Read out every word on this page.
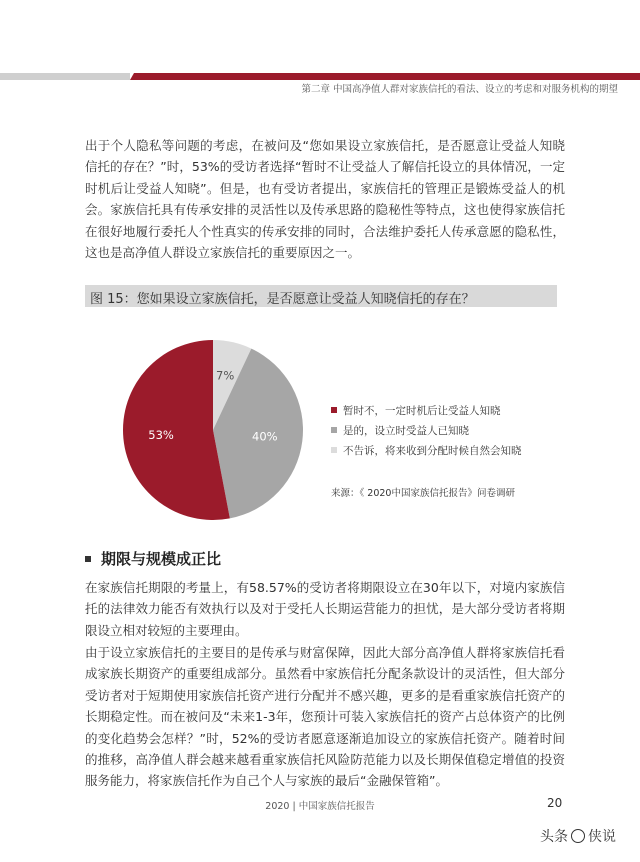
第二章 中国高净值人群对家族信托的看法、设立的考虑和对服务机构的期望

出于个人隐私等问题的考虑，在被问及“您如果设立家族信托，是否愿意让受益人知晓信托的存在？”时，53%的受访者选择“暂时不让受益人了解信托设立的具体情况，一定时机后让受益人知晓”。但是，也有受访者提出，家族信托的管理正是锻炼受益人的机会。家族信托具有传承安排的灵活性以及传承思路的隐秘性等特点，这也使得家族信托在很好地履行委托人个性真实的传承安排的同时，合法维护委托人传承意愿的隐私性，这也是高净值人群设立家族信托的重要原因之一。

图 15：您如果设立家族信托，是否愿意让受益人知晓信托的存在？
7%
40%
53%
暂时不，一定时机后让受益人知晓
是的，设立时受益人已知晓
不告诉，将来收到分配时候自然会知晓
来源：《 2020中国家族信托报告》问卷调研
期限与规模成正比

在家族信托期限的考量上，有58.57%的受访者将期限设立在30年以下，对境内家族信托的法律效力能否有效执行以及对于受托人长期运营能力的担忧，是大部分受访者将期限设立相对较短的主要理由。

由于设立家族信托的主要目的是传承与财富保障，因此大部分高净值人群将家族信托看成家族长期资产的重要组成部分。虽然看中家族信托分配条款设计的灵活性，但大部分受访者对于短期使用家族信托资产进行分配并不感兴趣，更多的是看重家族信托资产的长期稳定性。而在被问及“未来1-3年，您预计可装入家族信托的资产占总体资产的比例的变化趋势会怎样？”时，52%的受访者愿意逐渐追加设立的家族信托资产。随着时间的推移，高净值人群会越来越看重家族信托风险防范能力以及长期保值稳定增值的投资服务能力，将家族信托作为自己个人与家族的最后“金融保管箱”。

2020 | 中国家族信托报告	20
头条 侠说
